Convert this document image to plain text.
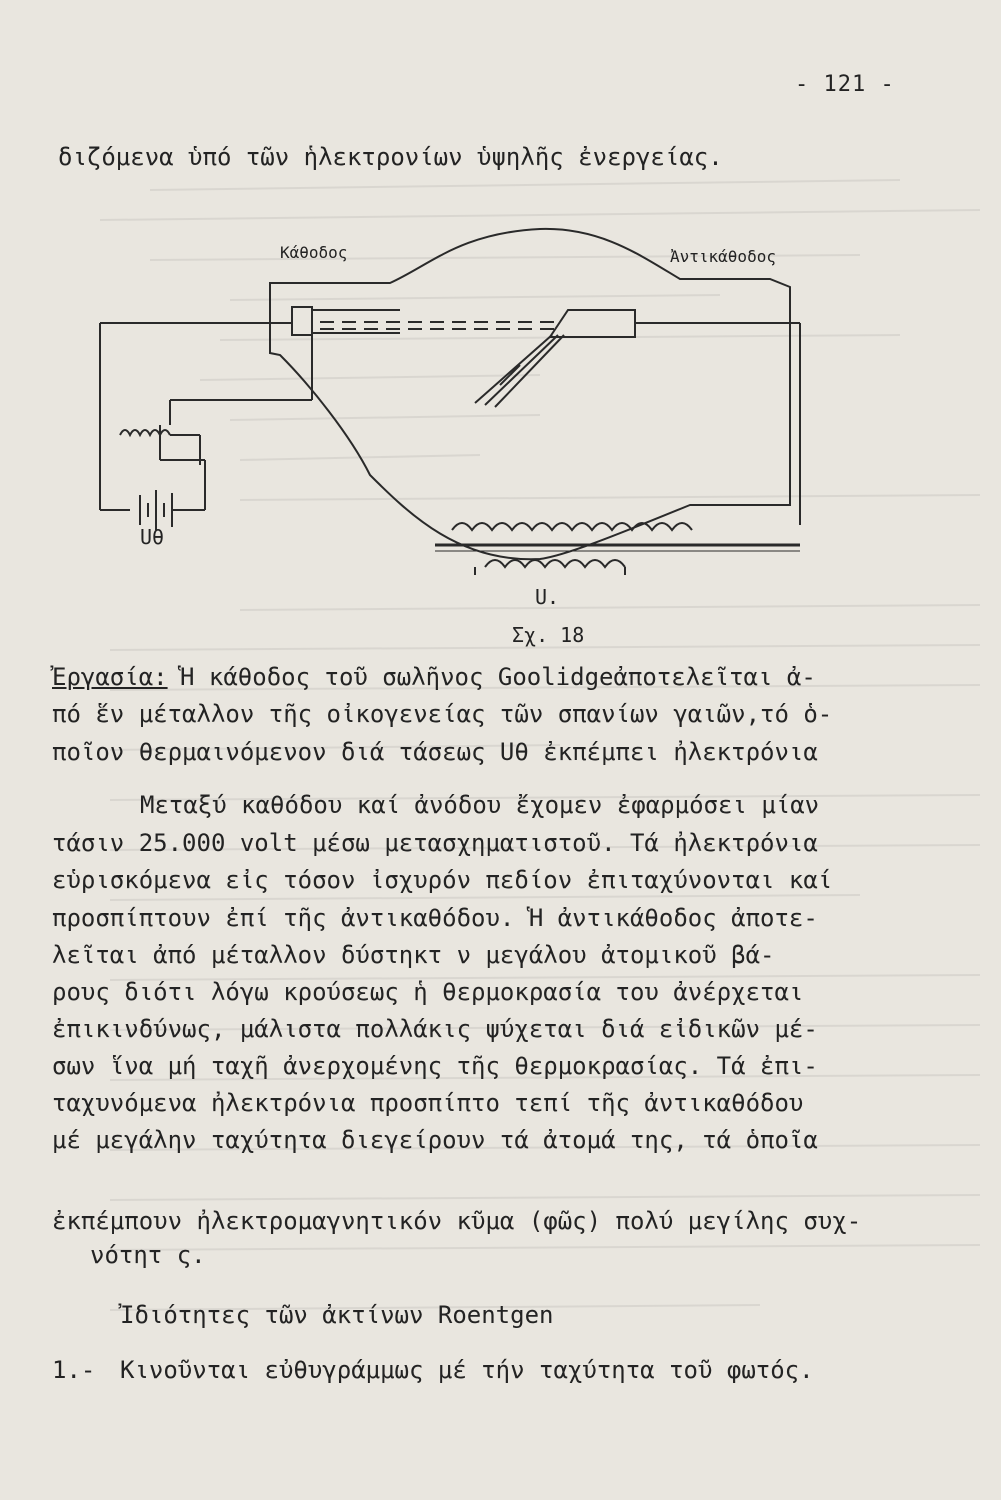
- 121 -
διζόμενα ὑπό τῶν ἡλεκτρονίων ὑψηλῆς ἐνεργείας.
Κάθοδος	Ἀντικάθοδος
Uθ
U.
Σχ. 18
Ἐργασία: Ἡ κάθοδος τοῦ σωλῆνος Goolidgeἀποτελεῖται ἀ-
πό ἕν μέταλλον τῆς οἰκογενείας τῶν σπανίων γαιῶν,τό ὁ-
ποῖον θερμαινόμενον διά τάσεως Uθ ἐκπέμπει ἠλεκτρόνια
Μεταξύ καθόδου καί ἀνόδου ἔχομεν ἐφαρμόσει μίαν
τάσιν 25.000 volt μέσω μετασχηματιστοῦ. Τά ἠλεκτρόνια
εὑρισκόμενα εἰς τόσον ἰσχυρόν πεδίον ἐπιταχύνονται καί
προσπίπτουν ἐπί τῆς ἀντικαθόδου. Ἡ ἀντικάθοδος ἀποτε-
λεῖται ἀπό μέταλλον δύστηκτ ν μεγάλου ἀτομικοῦ βά-
ρους διότι λόγω κρούσεως ἡ θερμοκρασία του ἀνέρχεται
ἐπικινδύνως, μάλιστα πολλάκις ψύχεται διά εἰδικῶν μέ-
σων ἵνα μή ταχῆ ἀνερχομένης τῆς θερμοκρασίας. Τά ἐπι-
ταχυνόμενα ἠλεκτρόνια προσπίπτο τεπί τῆς ἀντικαθόδου
μέ μεγάλην ταχύτητα διεγείρουν τά ἀτομά της, τά ὁποῖα
ἐκπέμπουν ἠλεκτρομαγνητικόν κῦμα (φῶς) πολύ μεγίλης συχ-
νότητ ς.
Ἰδιότητες τῶν ἀκτίνων Roentgen
1.- Κινοῦνται εὐθυγράμμως μέ τήν ταχύτητα τοῦ φωτός.
